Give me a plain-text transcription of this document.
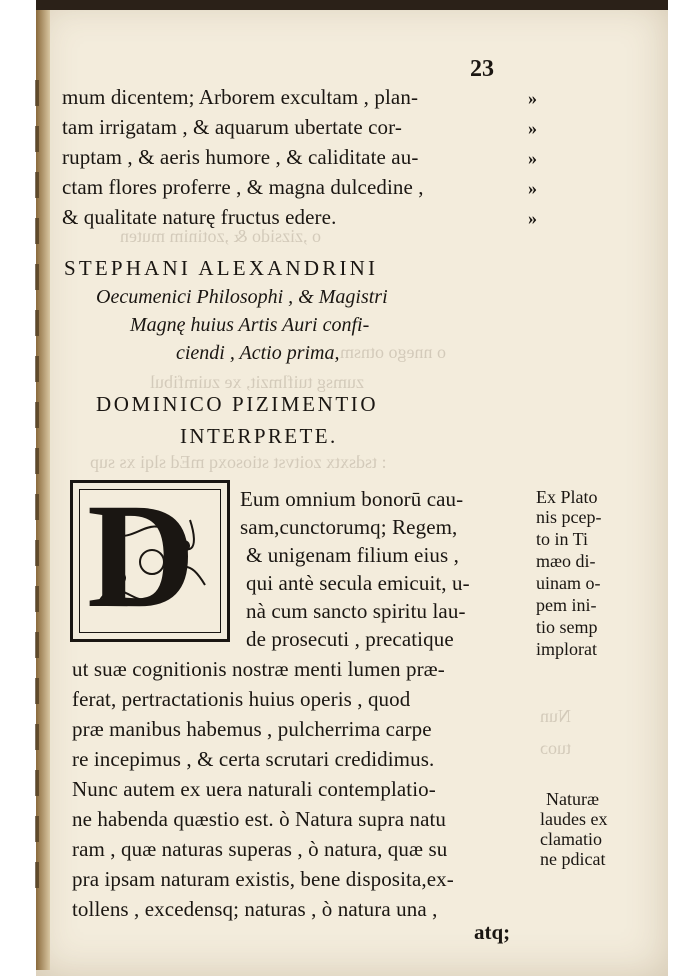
o ,zizsido & ,zotinim muten
o nnego otnsm
zumsg tuiflmzit, xe zuimfibul
: tsdsxtx zoitvst stiosoxq mEd slqi xs sup
Nun
tuoɔ
23
mum dicentem; Arborem excultam , plan-
tam irrigatam , & aquarum ubertate cor-
ruptam , & aeris humore , & caliditate au-
ctam flores proferre , & magna dulcedine ,
& qualitate naturę fructus edere.
»
»
»
»
»
STEPHANI ALEXANDRINI
Oecumenici Philosophi , & Magistri
Magnę huius Artis Auri confi-
ciendi , Actio prima,
DOMINICO PIZIMENTIO
INTERPRETE.
D Eum omnium bonorū cau-
sam,cunctorumq; Regem,
& unigenam filium eius ,
qui antè secula emicuit, u-
nà cum sancto spiritu lau-
de prosecuti , precatique
ut suæ cognitionis nostræ menti lumen præ-
ferat, pertractationis huius operis , quod
præ manibus habemus , pulcherrima carpe
re incepimus , & certa scrutari credidimus.
Nunc autem ex uera naturali contemplatio-
ne habenda quæstio est. ò Natura supra natu
ram , quæ naturas superas , ò natura, quæ su
pra ipsam naturam existis, bene disposita,ex-
tollens , excedensq; naturas , ò natura una ,
atq;
Ex Plato
nis pcep-
to in Ti
mæo di-
uinam o-
pem ini-
tio semp
implorat
Naturæ
laudes ex
clamatio
ne pdicat
